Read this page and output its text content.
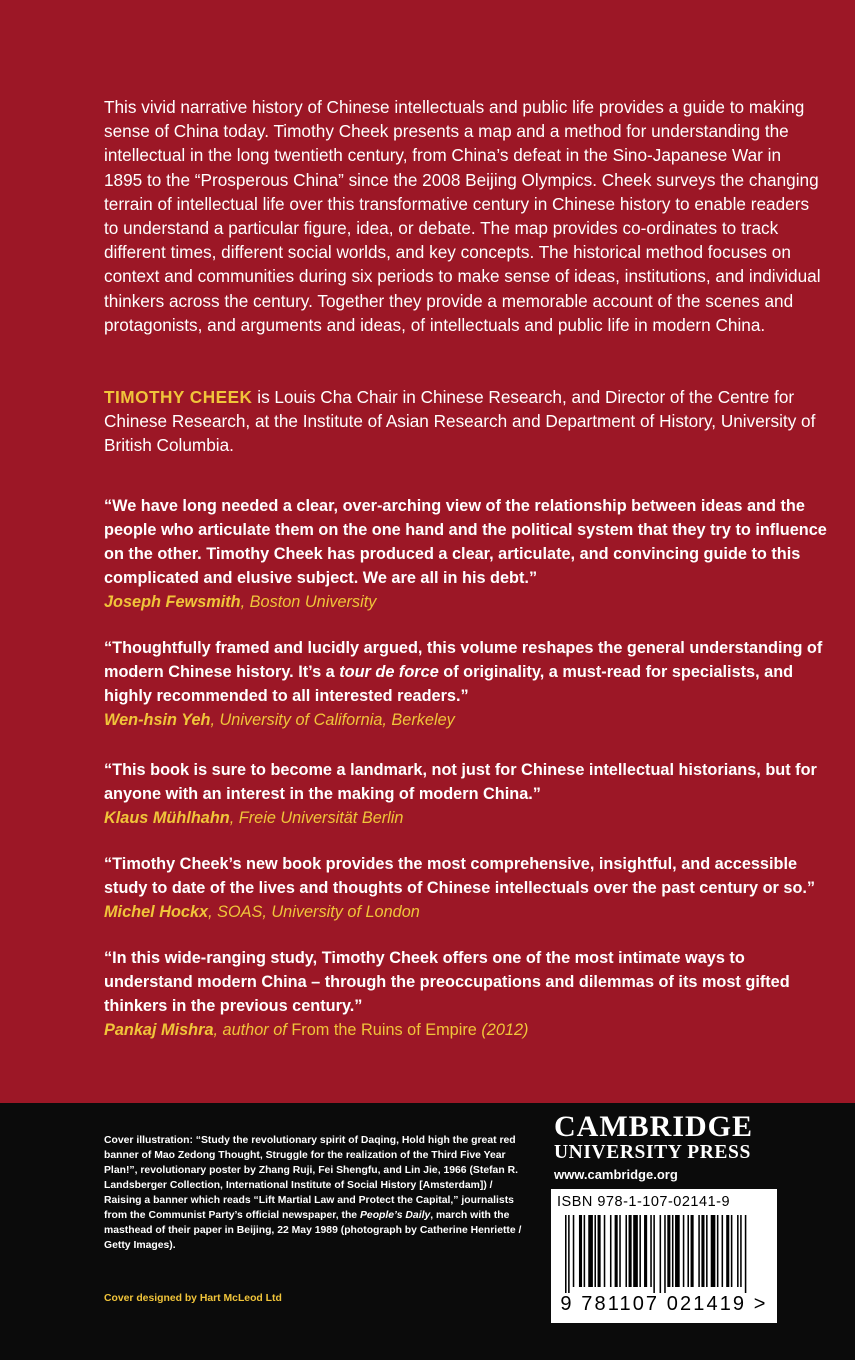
This vivid narrative history of Chinese intellectuals and public life provides a guide to making sense of China today. Timothy Cheek presents a map and a method for understanding the intellectual in the long twentieth century, from China’s defeat in the Sino-Japanese War in 1895 to the “Prosperous China” since the 2008 Beijing Olympics. Cheek surveys the changing terrain of intellectual life over this transformative century in Chinese history to enable readers to understand a particular figure, idea, or debate. The map provides co-ordinates to track different times, different social worlds, and key concepts. The historical method focuses on context and communities during six periods to make sense of ideas, institutions, and individual thinkers across the century. Together they provide a memorable account of the scenes and protagonists, and arguments and ideas, of intellectuals and public life in modern China.

TIMOTHY CHEEK is Louis Cha Chair in Chinese Research, and Director of the Centre for Chinese Research, at the Institute of Asian Research and Department of History, University of British Columbia.

“We have long needed a clear, over-arching view of the relationship between ideas and the people who articulate them on the one hand and the political system that they try to influence on the other. Timothy Cheek has produced a clear, articulate, and convincing guide to this complicated and elusive subject. We are all in his debt.”
Joseph Fewsmith, Boston University

“Thoughtfully framed and lucidly argued, this volume reshapes the general understanding of modern Chinese history. It’s a tour de force of originality, a must-read for specialists, and highly recommended to all interested readers.”
Wen-hsin Yeh, University of California, Berkeley

“This book is sure to become a landmark, not just for Chinese intellectual historians, but for anyone with an interest in the making of modern China.”
Klaus Mühlhahn, Freie Universität Berlin

“Timothy Cheek’s new book provides the most comprehensive, insightful, and accessible study to date of the lives and thoughts of Chinese intellectuals over the past century or so.”
Michel Hockx, SOAS, University of London

“In this wide-ranging study, Timothy Cheek offers one of the most intimate ways to understand modern China – through the preoccupations and dilemmas of its most gifted thinkers in the previous century.”
Pankaj Mishra, author of From the Ruins of Empire (2012)

Cover illustration: “Study the revolutionary spirit of Daqing, Hold high the great red banner of Mao Zedong Thought, Struggle for the realization of the Third Five Year Plan!”, revolutionary poster by Zhang Ruji, Fei Shengfu, and Lin Jie, 1966 (Stefan R. Landsberger Collection, International Institute of Social History [Amsterdam]) / Raising a banner which reads “Lift Martial Law and Protect the Capital,” journalists from the Communist Party’s official newspaper, the People’s Daily, march with the masthead of their paper in Beijing, 22 May 1989 (photograph by Catherine Henriette / Getty Images).

Cover designed by Hart McLeod Ltd

CAMBRIDGE
UNIVERSITY PRESS
www.cambridge.org
ISBN 978-1-107-02141-9
9 781107 021419 >
